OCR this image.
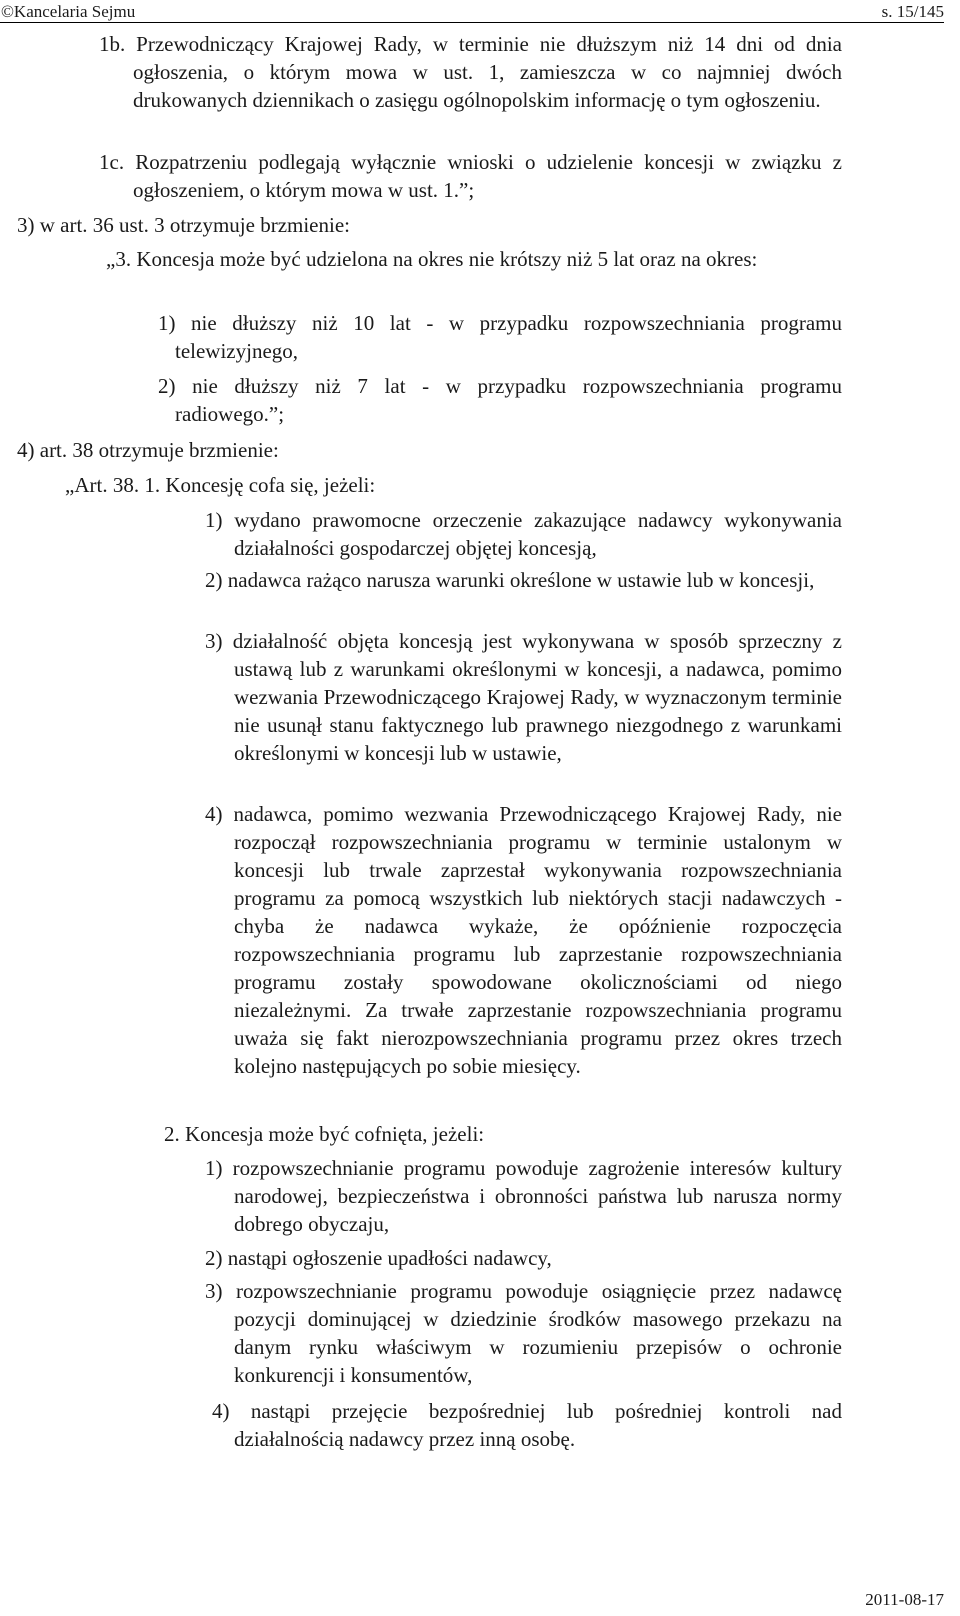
©Kancelaria Sejmu	s. 15/145

1b. Przewodniczący Krajowej Rady, w terminie nie dłuższym niż 14 dni od dnia ogłoszenia, o którym mowa w ust. 1, zamieszcza w co najmniej dwóch drukowanych dziennikach o zasięgu ogólnopolskim informację o tym ogłoszeniu.

1c. Rozpatrzeniu podlegają wyłącznie wnioski o udzielenie koncesji w związku z ogłoszeniem, o którym mowa w ust. 1.”;

3) w art. 36 ust. 3 otrzymuje brzmienie:

„3. Koncesja może być udzielona na okres nie krótszy niż 5 lat oraz na okres:

1) nie dłuższy niż 10 lat - w przypadku rozpowszechniania programu telewizyjnego,

2) nie dłuższy niż 7 lat - w przypadku rozpowszechniania programu radiowego.”;

4) art. 38 otrzymuje brzmienie:

„Art. 38. 1. Koncesję cofa się, jeżeli:

1) wydano prawomocne orzeczenie zakazujące nadawcy wykonywania działalności gospodarczej objętej koncesją,

2) nadawca rażąco narusza warunki określone w ustawie lub w koncesji,

3) działalność objęta koncesją jest wykonywana w sposób sprzeczny z ustawą lub z warunkami określonymi w koncesji, a nadawca, pomimo wezwania Przewodniczącego Krajowej Rady, w wyznaczonym terminie nie usunął stanu faktycznego lub prawnego niezgodnego z warunkami określonymi w koncesji lub w ustawie,

4) nadawca, pomimo wezwania Przewodniczącego Krajowej Rady, nie rozpoczął rozpowszechniania programu w terminie ustalonym w koncesji lub trwale zaprzestał wykonywania rozpowszechniania programu za pomocą wszystkich lub niektórych stacji nadawczych - chyba że nadawca wykaże, że opóźnienie rozpoczęcia rozpowszechniania programu lub zaprzestanie rozpowszechniania programu zostały spowodowane okolicznościami od niego niezależnymi. Za trwałe zaprzestanie rozpowszechniania programu uważa się fakt nierozpowszechniania programu przez okres trzech kolejno następujących po sobie miesięcy.

2. Koncesja może być cofnięta, jeżeli:

1) rozpowszechnianie programu powoduje zagrożenie interesów kultury narodowej, bezpieczeństwa i obronności państwa lub narusza normy dobrego obyczaju,

2) nastąpi ogłoszenie upadłości nadawcy,

3) rozpowszechnianie programu powoduje osiągnięcie przez nadawcę pozycji dominującej w dziedzinie środków masowego przekazu na danym rynku właściwym w rozumieniu przepisów o ochronie konkurencji i konsumentów,

4) nastąpi przejęcie bezpośredniej lub pośredniej kontroli nad działalnością nadawcy przez inną osobę.

2011-08-17
